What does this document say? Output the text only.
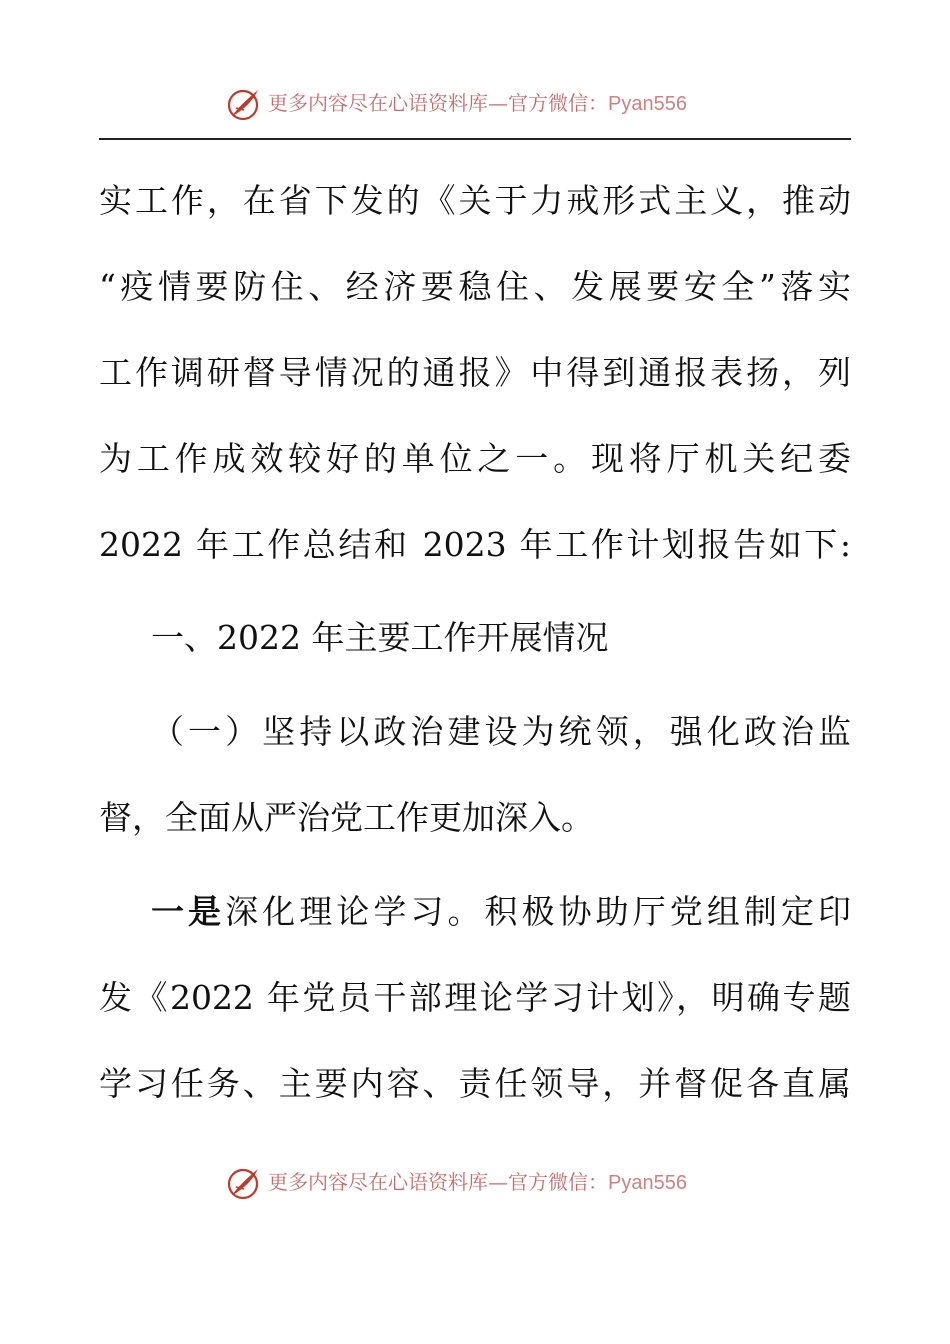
更多内容尽在心语资料库—官方微信：Pyan556
实工作，在省下发的《关于力戒形式主义，推动
“疫情要防住、经济要稳住、发展要安全”落实
工作调研督导情况的通报》中得到通报表扬，列
为工作成效较好的单位之一。现将厅机关纪委
2022 年工作总结和 2023 年工作计划报告如下:
一、2022 年主要工作开展情况
（一）坚持以政治建设为统领，强化政治监
督，全面从严治党工作更加深入。
一是深化理论学习。积极协助厅党组制定印
发《2022 年党员干部理论学习计划》，明确专题
学习任务、主要内容、责任领导，并督促各直属
更多内容尽在心语资料库—官方微信：Pyan556
